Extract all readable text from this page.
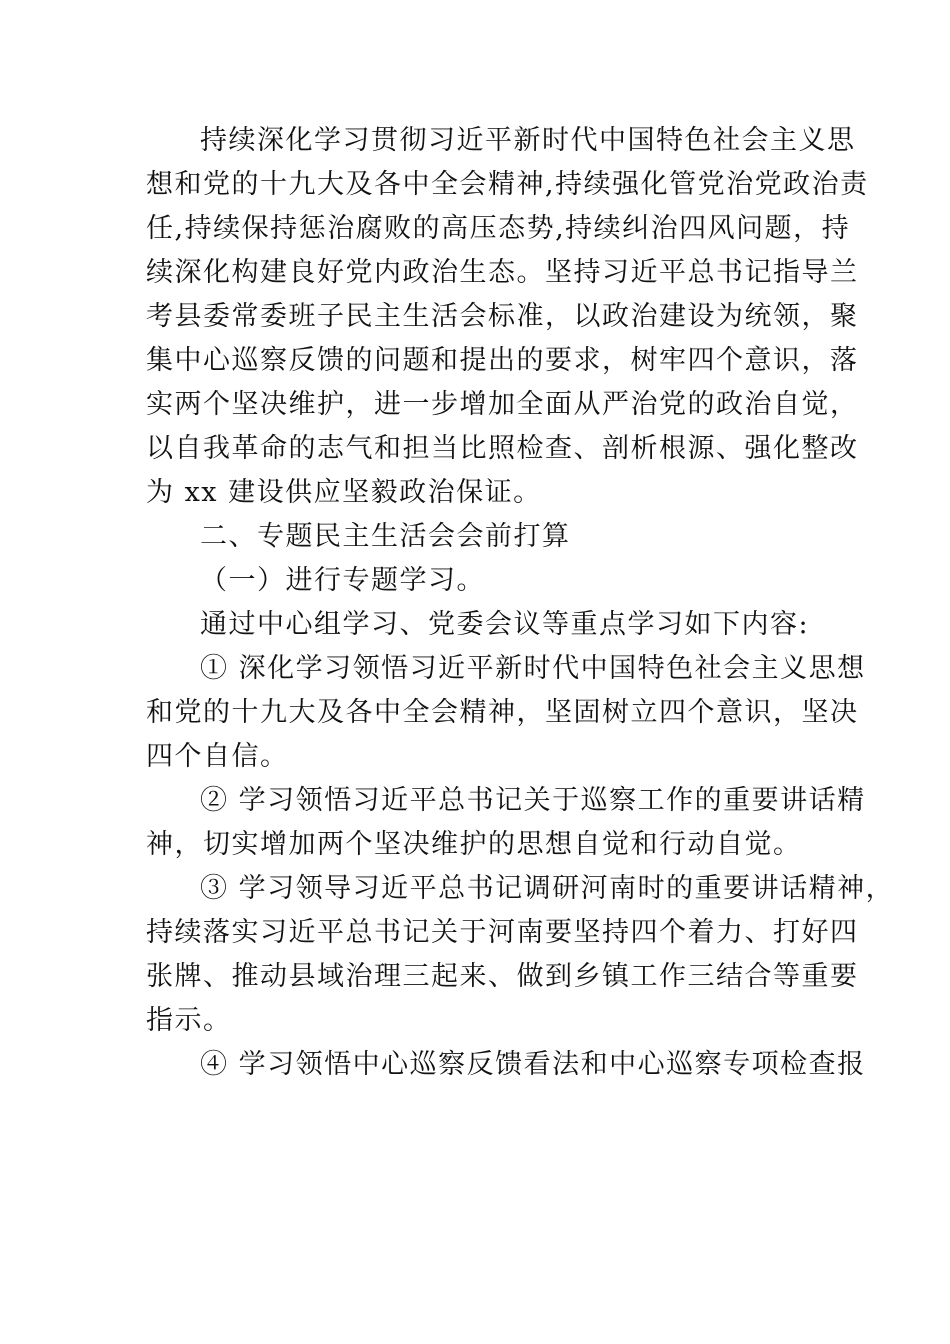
持续深化学习贯彻习近平新时代中国特色社会主义思
想和党的十九大及各中全会精神,持续强化管党治党政治责
任,持续保持惩治腐败的高压态势,持续纠治四风问题，持
续深化构建良好党内政治生态。坚持习近平总书记指导兰
考县委常委班子民主生活会标准，以政治建设为统领，聚
集中心巡察反馈的问题和提出的要求，树牢四个意识，落
实两个坚决维护，进一步增加全面从严治党的政治自觉，
以自我革命的志气和担当比照检查、剖析根源、强化整改
为 xx 建设供应坚毅政治保证。
二、专题民主生活会会前打算
（一）进行专题学习。
通过中心组学习、党委会议等重点学习如下内容:
① 深化学习领悟习近平新时代中国特色社会主义思想
和党的十九大及各中全会精神，坚固树立四个意识，坚决
四个自信。
② 学习领悟习近平总书记关于巡察工作的重要讲话精
神，切实增加两个坚决维护的思想自觉和行动自觉。
③ 学习领导习近平总书记调研河南时的重要讲话精神，
持续落实习近平总书记关于河南要坚持四个着力、打好四
张牌、推动县域治理三起来、做到乡镇工作三结合等重要
指示。
④ 学习领悟中心巡察反馈看法和中心巡察专项检查报
